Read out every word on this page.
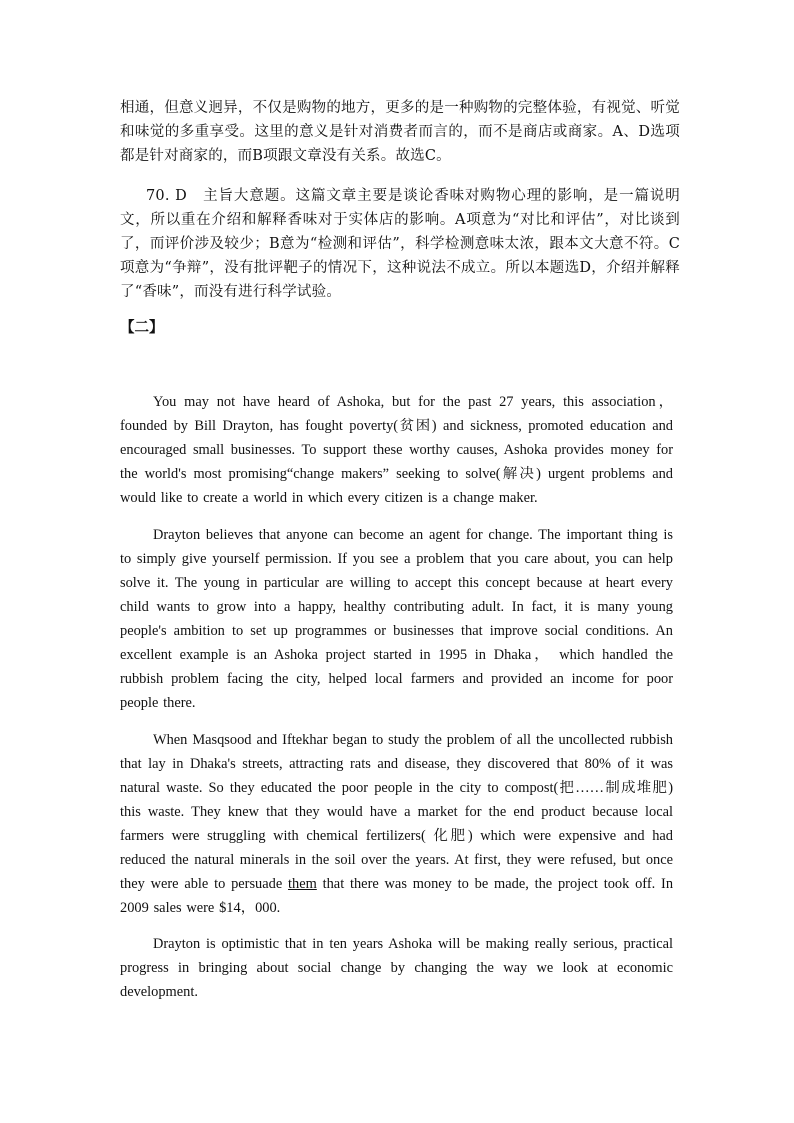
相通，但意义迥异，不仅是购物的地方，更多的是一种购物的完整体验，有视觉、听觉和味觉的多重享受。这里的意义是针对消费者而言的，而不是商店或商家。A、D选项都是针对商家的，而B项跟文章没有关系。故选C。

70. D　主旨大意题。这篇文章主要是谈论香味对购物心理的影响，是一篇说明文，所以重在介绍和解释香味对于实体店的影响。A项意为“对比和评估”，对比谈到了，而评价涉及较少；B意为“检测和评估”，科学检测意味太浓，跟本文大意不符。C项意为“争辩”，没有批评靶子的情况下，这种说法不成立。所以本题选D，介绍并解释了“香味”，而没有进行科学试验。

【二】

You may not have heard of Ashoka, but for the past 27 years, this association，founded by Bill Drayton, has fought poverty(贫困) and sickness, promoted education and encouraged small businesses. To support these worthy causes, Ashoka provides money for the world's most promising“change makers” seeking to solve(解决) urgent problems and would like to create a world in which every citizen is a change maker.

Drayton believes that anyone can become an agent for change. The important thing is to simply give yourself permission. If you see a problem that you care about, you can help solve it. The young in particular are willing to accept this concept because at heart every child wants to grow into a happy, healthy contributing adult. In fact, it is many young people's ambition to set up programmes or businesses that improve social conditions. An excellent example is an Ashoka project started in 1995 in Dhaka， which handled the rubbish problem facing the city, helped local farmers and provided an income for poor people there.

When Masqsood and Iftekhar began to study the problem of all the uncollected rubbish that lay in Dhaka's streets, attracting rats and disease, they discovered that 80% of it was natural waste. So they educated the poor people in the city to compost(把……制成堆肥) this waste. They knew that they would have a market for the end product because local farmers were struggling with chemical fertilizers( 化肥) which were expensive and had reduced the natural minerals in the soil over the years. At first, they were refused, but once they were able to persuade them that there was money to be made, the project took off. In 2009 sales were $14，000.

Drayton is optimistic that in ten years Ashoka will be making really serious, practical progress in bringing about social change by changing the way we look at economic development.
